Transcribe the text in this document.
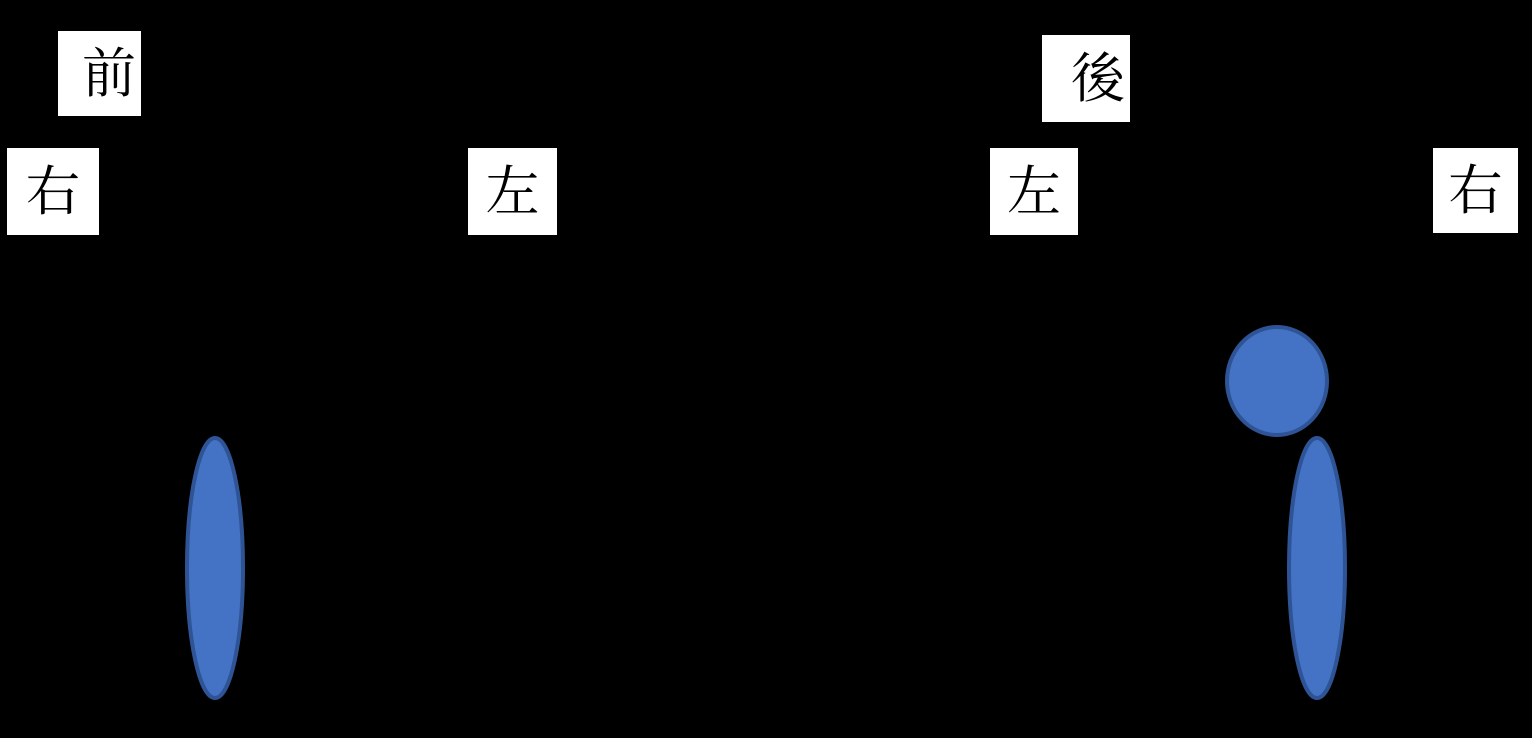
前
右	左
後
左	右
